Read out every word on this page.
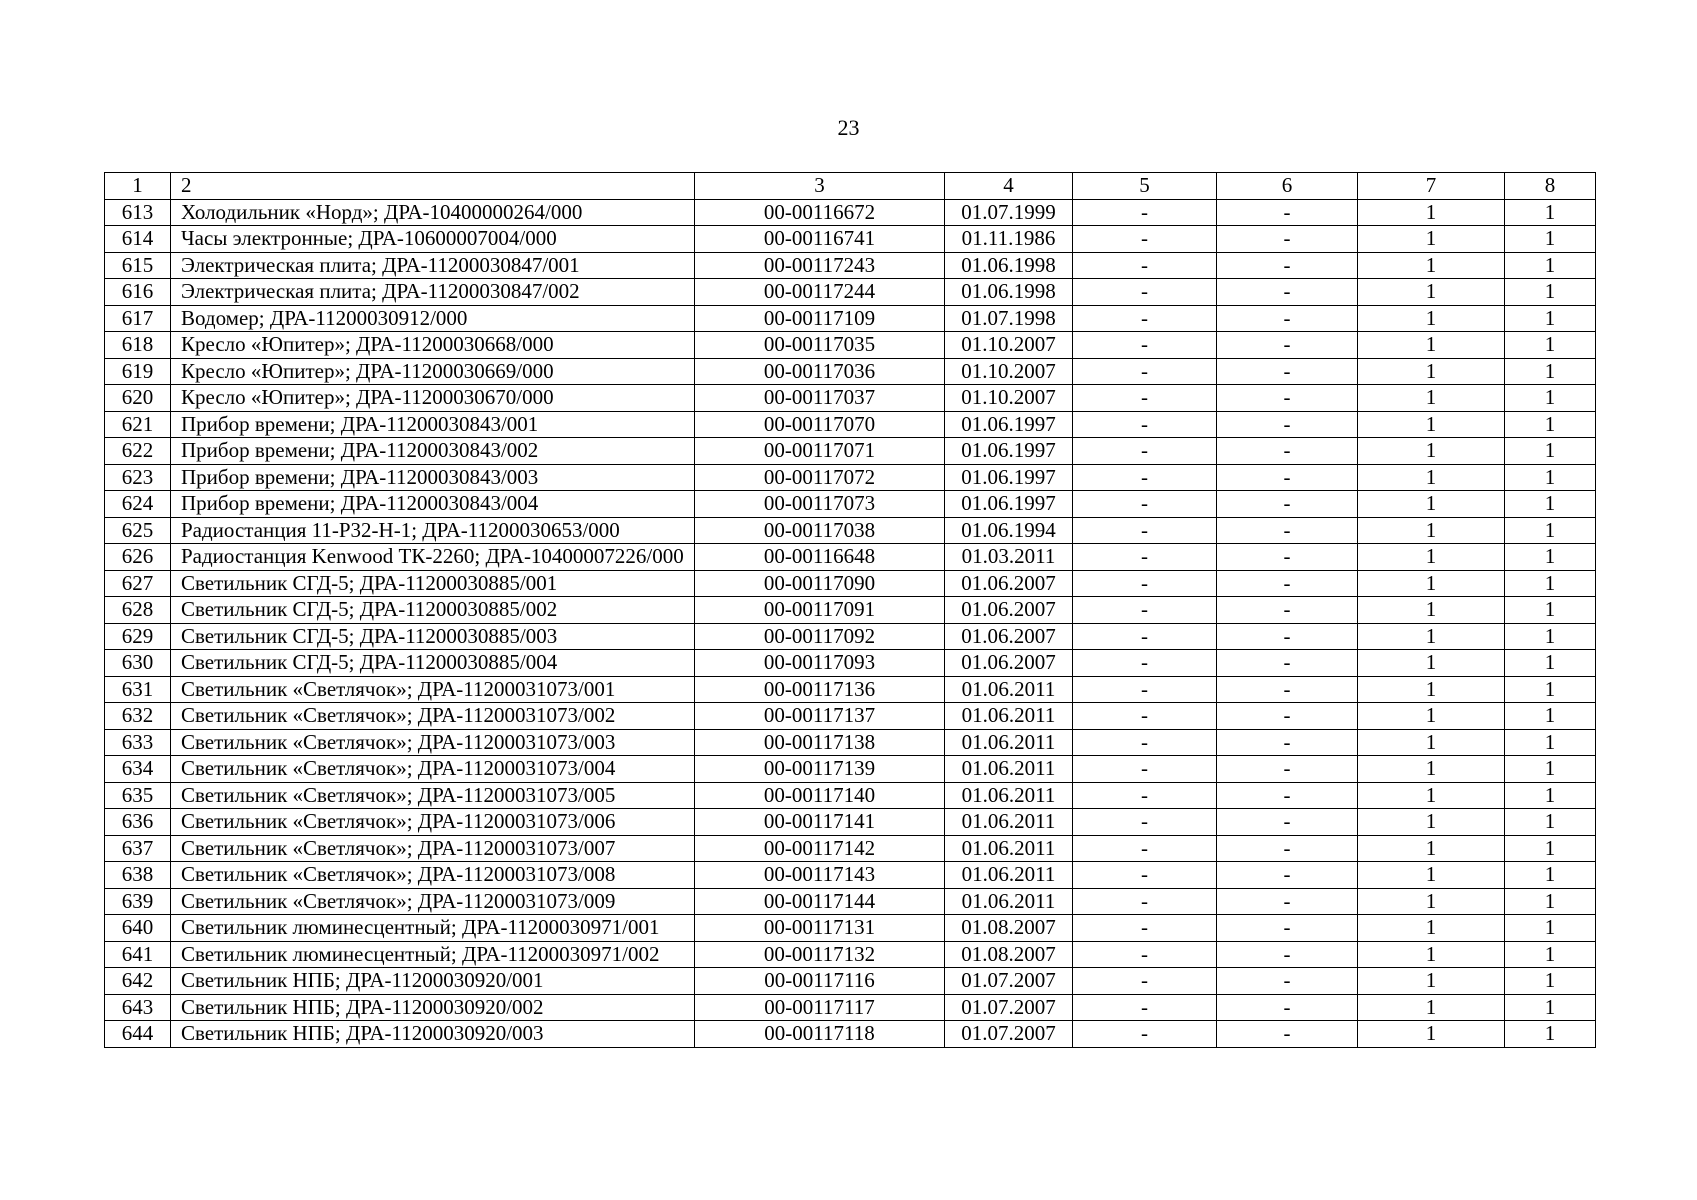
23
1	2	3	4	5	6	7	8
613	Холодильник «Норд»; ДРА-10400000264/000	00-00116672	01.07.1999	-	-	1	1
614	Часы электронные; ДРА-10600007004/000	00-00116741	01.11.1986	-	-	1	1
615	Электрическая плита; ДРА-11200030847/001	00-00117243	01.06.1998	-	-	1	1
616	Электрическая плита; ДРА-11200030847/002	00-00117244	01.06.1998	-	-	1	1
617	Водомер; ДРА-11200030912/000	00-00117109	01.07.1998	-	-	1	1
618	Кресло «Юпитер»; ДРА-11200030668/000	00-00117035	01.10.2007	-	-	1	1
619	Кресло «Юпитер»; ДРА-11200030669/000	00-00117036	01.10.2007	-	-	1	1
620	Кресло «Юпитер»; ДРА-11200030670/000	00-00117037	01.10.2007	-	-	1	1
621	Прибор времени; ДРА-11200030843/001	00-00117070	01.06.1997	-	-	1	1
622	Прибор времени; ДРА-11200030843/002	00-00117071	01.06.1997	-	-	1	1
623	Прибор времени; ДРА-11200030843/003	00-00117072	01.06.1997	-	-	1	1
624	Прибор времени; ДРА-11200030843/004	00-00117073	01.06.1997	-	-	1	1
625	Радиостанция 11-Р32-Н-1; ДРА-11200030653/000	00-00117038	01.06.1994	-	-	1	1
626	Радиостанция Kenwood ТК-2260; ДРА-10400007226/000	00-00116648	01.03.2011	-	-	1	1
627	Светильник СГД-5; ДРА-11200030885/001	00-00117090	01.06.2007	-	-	1	1
628	Светильник СГД-5; ДРА-11200030885/002	00-00117091	01.06.2007	-	-	1	1
629	Светильник СГД-5; ДРА-11200030885/003	00-00117092	01.06.2007	-	-	1	1
630	Светильник СГД-5; ДРА-11200030885/004	00-00117093	01.06.2007	-	-	1	1
631	Светильник «Светлячок»; ДРА-11200031073/001	00-00117136	01.06.2011	-	-	1	1
632	Светильник «Светлячок»; ДРА-11200031073/002	00-00117137	01.06.2011	-	-	1	1
633	Светильник «Светлячок»; ДРА-11200031073/003	00-00117138	01.06.2011	-	-	1	1
634	Светильник «Светлячок»; ДРА-11200031073/004	00-00117139	01.06.2011	-	-	1	1
635	Светильник «Светлячок»; ДРА-11200031073/005	00-00117140	01.06.2011	-	-	1	1
636	Светильник «Светлячок»; ДРА-11200031073/006	00-00117141	01.06.2011	-	-	1	1
637	Светильник «Светлячок»; ДРА-11200031073/007	00-00117142	01.06.2011	-	-	1	1
638	Светильник «Светлячок»; ДРА-11200031073/008	00-00117143	01.06.2011	-	-	1	1
639	Светильник «Светлячок»; ДРА-11200031073/009	00-00117144	01.06.2011	-	-	1	1
640	Светильник люминесцентный; ДРА-11200030971/001	00-00117131	01.08.2007	-	-	1	1
641	Светильник люминесцентный; ДРА-11200030971/002	00-00117132	01.08.2007	-	-	1	1
642	Светильник НПБ; ДРА-11200030920/001	00-00117116	01.07.2007	-	-	1	1
643	Светильник НПБ; ДРА-11200030920/002	00-00117117	01.07.2007	-	-	1	1
644	Светильник НПБ; ДРА-11200030920/003	00-00117118	01.07.2007	-	-	1	1
